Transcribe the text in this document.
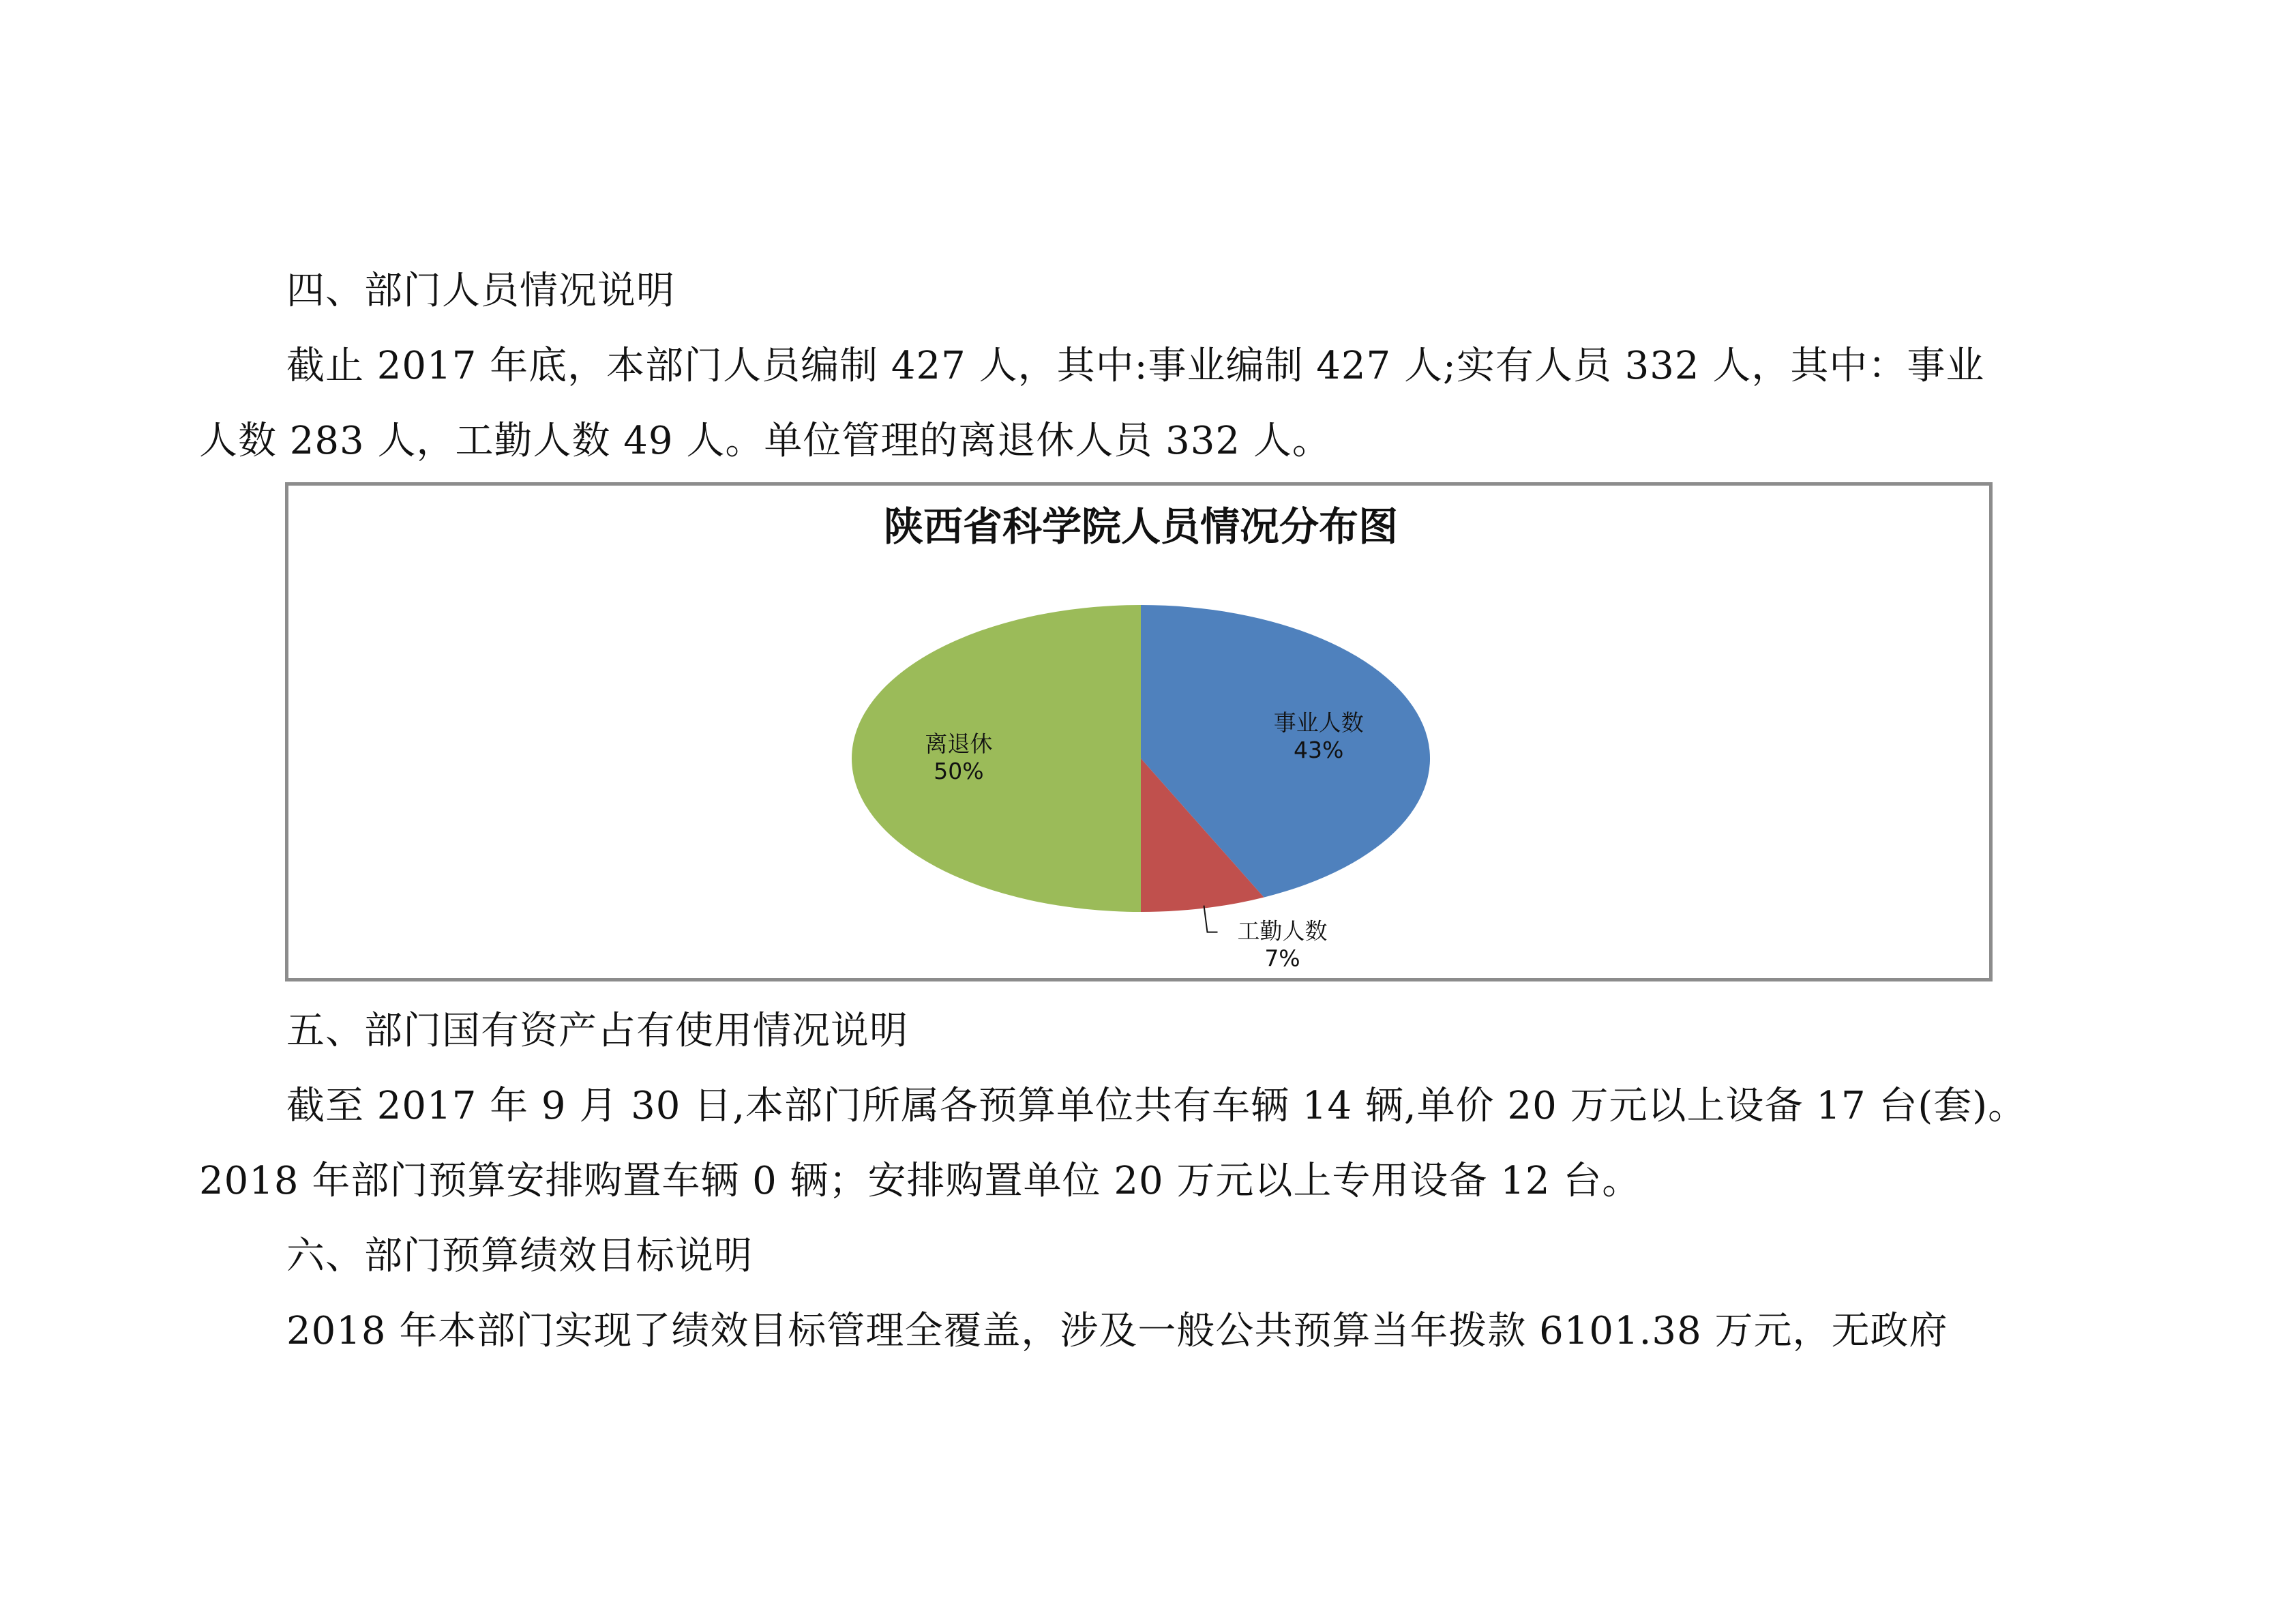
四、部门人员情况说明
截止 2017 年底，本部门人员编制 427 人，其中:事业编制 427 人;实有人员 332 人，其中：事业
人数 283 人，工勤人数 49 人。单位管理的离退休人员 332 人。
陕西省科学院人员情况分布图
事业人数
43%
工勤人数
7%
离退休
50%
五、部门国有资产占有使用情况说明
截至 2017 年 9 月 30 日,本部门所属各预算单位共有车辆 14 辆,单价 20 万元以上设备 17 台(套)。
2018 年部门预算安排购置车辆 0 辆；安排购置单位 20 万元以上专用设备 12 台。
六、部门预算绩效目标说明
2018 年本部门实现了绩效目标管理全覆盖，涉及一般公共预算当年拨款 6101.38 万元，无政府
